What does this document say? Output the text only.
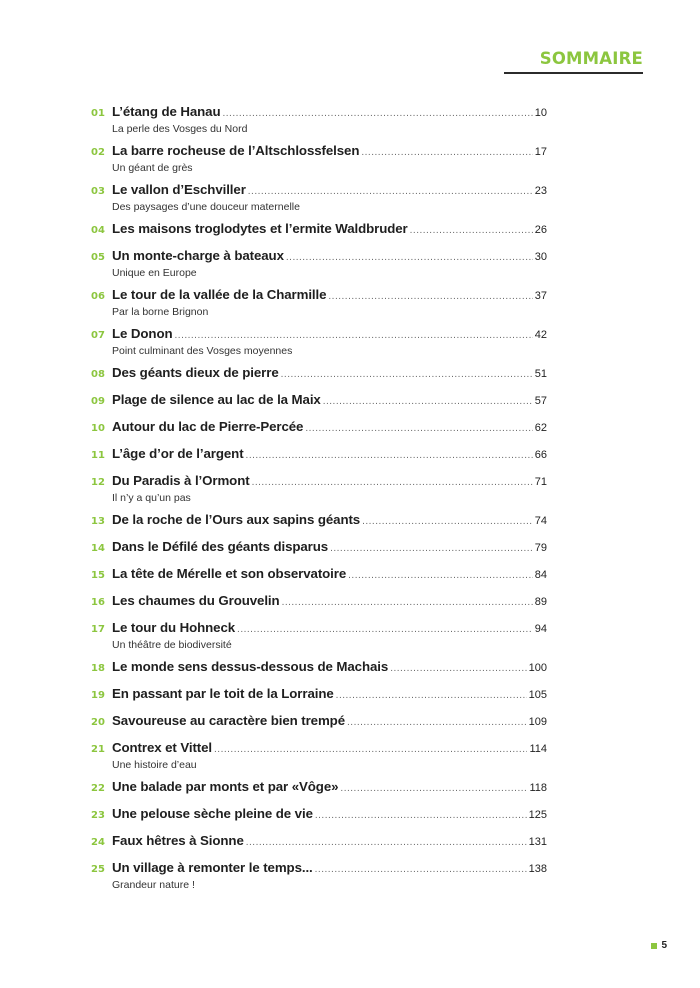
SOMMAIRE
01 L’étang de Hanau .....	10
La perle des Vosges du Nord
02 La barre rocheuse de l’Altschlossfelsen .....	17
Un géant de grès
03 Le vallon d’Eschviller .....	23
Des paysages d’une douceur maternelle
04 Les maisons troglodytes et l’ermite Waldbruder .....	26
05 Un monte-charge à bateaux .....	30
Unique en Europe
06 Le tour de la vallée de la Charmille .....	37
Par la borne Brignon
07 Le Donon .....	42
Point culminant des Vosges moyennes
08 Des géants dieux de pierre .....	51
09 Plage de silence au lac de la Maix .....	57
10 Autour du lac de Pierre-Percée .....	62
11 L’âge d’or de l’argent .....	66
12 Du Paradis à l’Ormont .....	71
Il n’y a qu’un pas
13 De la roche de l’Ours aux sapins géants .....	74
14 Dans le Défilé des géants disparus .....	79
15 La tête de Mérelle et son observatoire .....	84
16 Les chaumes du Grouvelin .....	89
17 Le tour du Hohneck .....	94
Un théâtre de biodiversité
18 Le monde sens dessus-dessous de Machais .....	100
19 En passant par le toit de la Lorraine .....	105
20 Savoureuse au caractère bien trempé .....	109
21 Contrex et Vittel .....	114
Une histoire d’eau
22 Une balade par monts et par «Vôge» .....	118
23 Une pelouse sèche pleine de vie .....	125
24 Faux hêtres à Sionne .....	131
25 Un village à remonter le temps... .....	138
Grandeur nature !
5
